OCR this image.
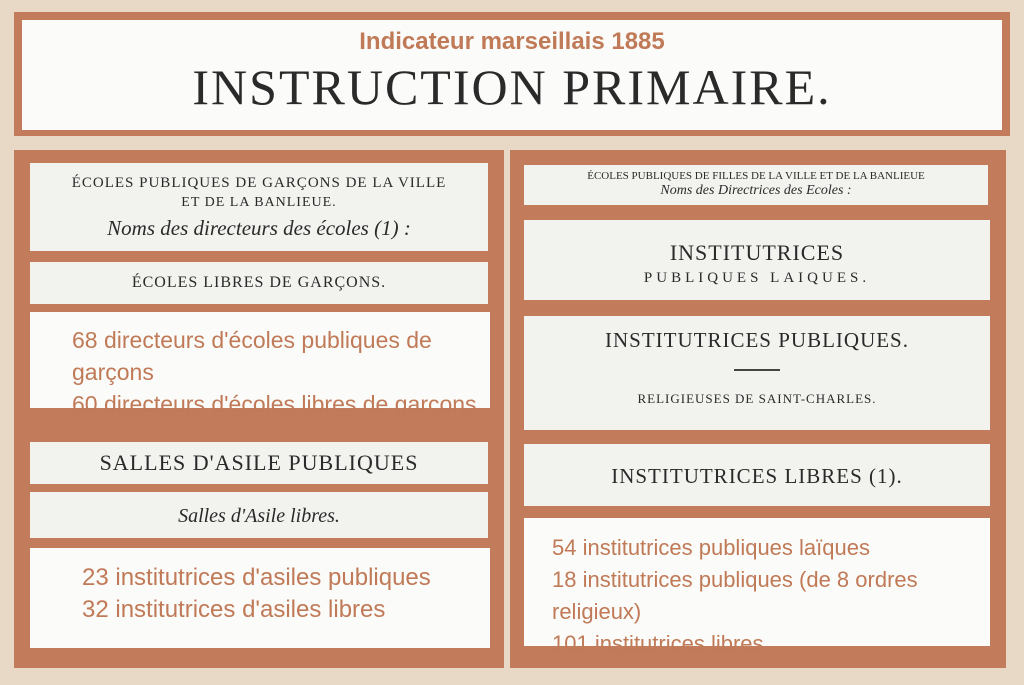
Indicateur marseillais 1885
INSTRUCTION PRIMAIRE.
ÉCOLES PUBLIQUES DE GARÇONS DE LA VILLE
ET DE LA BANLIEUE.
Noms des directeurs des écoles (1) :
ÉCOLES LIBRES DE GARÇONS.
68 directeurs d'écoles publiques de garçons
60 directeurs d'écoles libres de garçons
SALLES D'ASILE PUBLIQUES
Salles d'Asile libres.
23 institutrices d'asiles publiques
32 institutrices d'asiles libres
ÉCOLES PUBLIQUES DE FILLES DE LA VILLE ET DE LA BANLIEUE
Noms des Directrices des Ecoles :
INSTITUTRICES
PUBLIQUES LAIQUES.
INSTITUTRICES PUBLIQUES.
RELIGIEUSES DE SAINT-CHARLES.
INSTITUTRICES LIBRES (1).
54 institutrices publiques laïques
18 institutrices publiques (de 8 ordres religieux)
101 institutrices libres
